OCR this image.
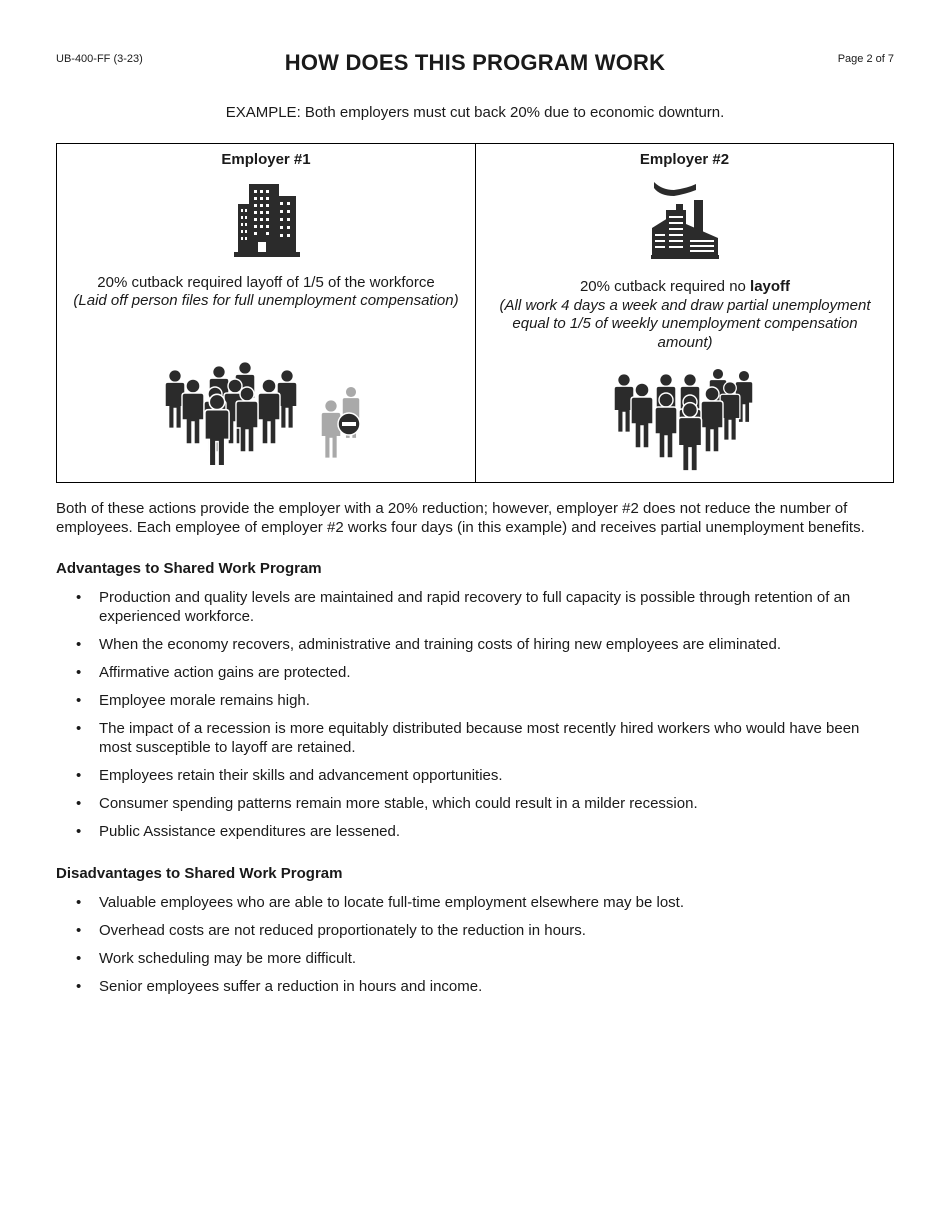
UB-400-FF (3-23)	HOW DOES THIS PROGRAM WORK	Page 2 of 7
EXAMPLE: Both employers must cut back 20% due to economic downturn.
Employer #1
20% cutback required layoff of 1/5 of the workforce
(Laid off person files for full unemployment compensation)
Employer #2
20% cutback required no layoff
(All work 4 days a week and draw partial unemployment equal to 1/5 of weekly unemployment compensation amount)
Both of these actions provide the employer with a 20% reduction; however, employer #2 does not reduce the number of employees. Each employee of employer #2 works four days (in this example) and receives partial unemployment benefits.
Advantages to Shared Work Program
• Production and quality levels are maintained and rapid recovery to full capacity is possible through retention of an experienced workforce.
• When the economy recovers, administrative and training costs of hiring new employees are eliminated.
• Affirmative action gains are protected.
• Employee morale remains high.
• The impact of a recession is more equitably distributed because most recently hired workers who would have been most susceptible to layoff are retained.
• Employees retain their skills and advancement opportunities.
• Consumer spending patterns remain more stable, which could result in a milder recession.
• Public Assistance expenditures are lessened.
Disadvantages to Shared Work Program
• Valuable employees who are able to locate full-time employment elsewhere may be lost.
• Overhead costs are not reduced proportionately to the reduction in hours.
• Work scheduling may be more difficult.
• Senior employees suffer a reduction in hours and income.
